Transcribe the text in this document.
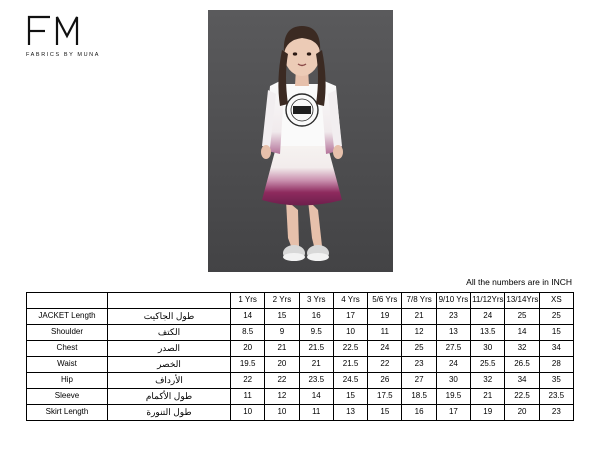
FABRICS BY MUNA
All the numbers are in INCH
		1 Yrs	2 Yrs	3 Yrs	4 Yrs	5/6 Yrs	7/8 Yrs	9/10 Yrs	11/12Yrs	13/14Yrs	XS
JACKET Length	طول الجاكيت	14	15	16	17	19	21	23	24	25	25
Shoulder	الكتف	8.5	9	9.5	10	11	12	13	13.5	14	15
Chest	الصدر	20	21	21.5	22.5	24	25	27.5	30	32	34
Waist	الخصر	19.5	20	21	21.5	22	23	24	25.5	26.5	28
Hip	الأرداف	22	22	23.5	24.5	26	27	30	32	34	35
Sleeve	طول الأكمام	11	12	14	15	17.5	18.5	19.5	21	22.5	23.5
Skirt Length	طول التنورة	10	10	11	13	15	16	17	19	20	23
